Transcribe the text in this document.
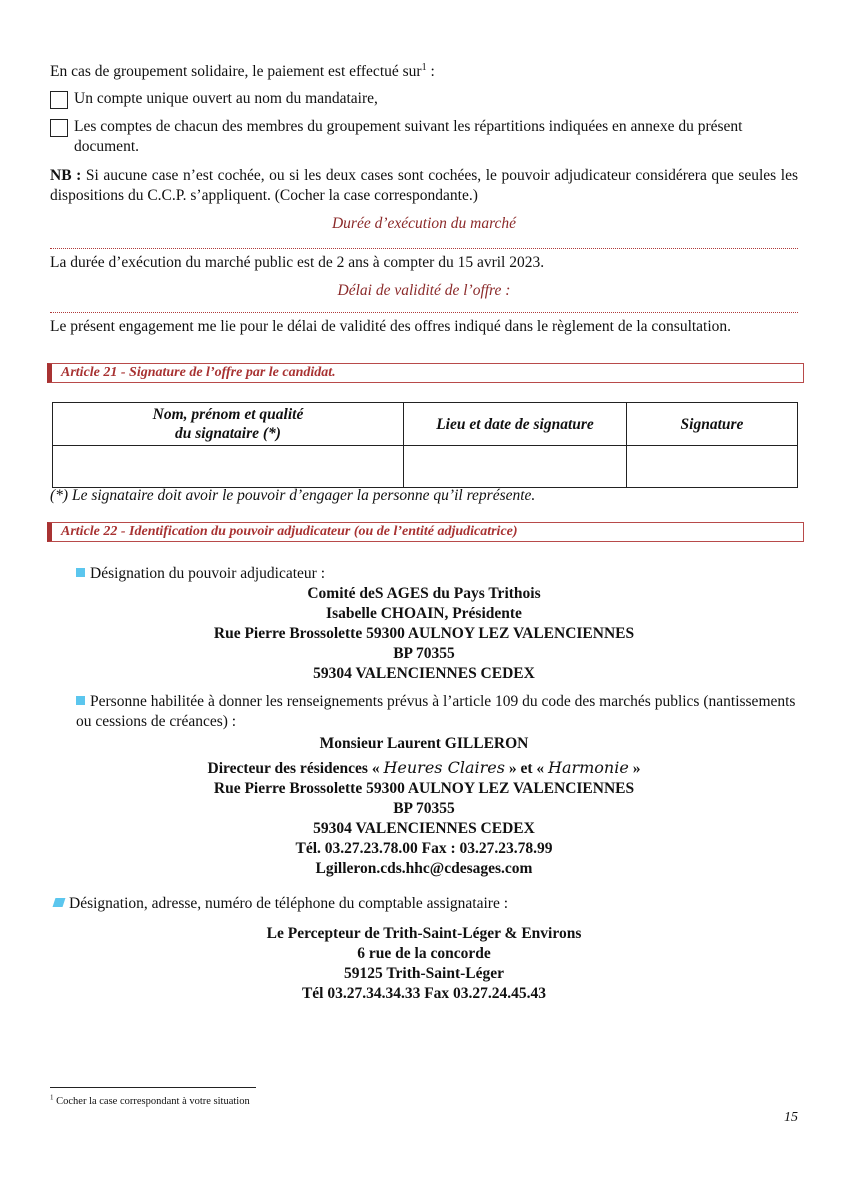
En cas de groupement solidaire, le paiement est effectué sur$^1$ :

Un compte unique ouvert au nom du mandataire,
Les comptes de chacun des membres du groupement suivant les répartitions indiquées en annexe du présent document.

NB : Si aucune case n’est cochée, ou si les deux cases sont cochées, le pouvoir adjudicateur considérera que seules les dispositions du C.C.P. s’appliquent. (Cocher la case correspondante.)

Durée d’exécution du marché

La durée d’exécution du marché public est de 2 ans à compter du 15 avril 2023.

Délai de validité de l’offre :

Le présent engagement me lie pour le délai de validité des offres indiqué dans le règlement de la consultation.

Article 21 - Signature de l’offre par le candidat.
Nom, prénom et qualité
du signataire (*)	Lieu et date de signature	Signature

(*) Le signataire doit avoir le pouvoir d’engager la personne qu’il représente.

Article 22 - Identification du pouvoir adjudicateur (ou de l’entité adjudicatrice)

Désignation du pouvoir adjudicateur :

Comité deS AGES du Pays Trithois
Isabelle CHOAIN, Présidente
Rue Pierre Brossolette 59300 AULNOY LEZ VALENCIENNES
BP 70355
59304 VALENCIENNES CEDEX

Personne habilitée à donner les renseignements prévus à l’article 109 du code des marchés publics (nantissements ou cessions de créances) :

Monsieur Laurent GILLERON
Directeur des résidences « Heures Claires » et « Harmonie »
Rue Pierre Brossolette 59300 AULNOY LEZ VALENCIENNES
BP 70355
59304 VALENCIENNES CEDEX
Tél. 03.27.23.78.00 Fax : 03.27.23.78.99
Lgilleron.cds.hhc@cdesages.com

Désignation, adresse, numéro de téléphone du comptable assignataire :

Le Percepteur de Trith-Saint-Léger & Environs
6 rue de la concorde
59125 Trith-Saint-Léger
Tél 03.27.34.34.33 Fax 03.27.24.45.43

$^1$ Cocher la case correspondant à votre situation

15
